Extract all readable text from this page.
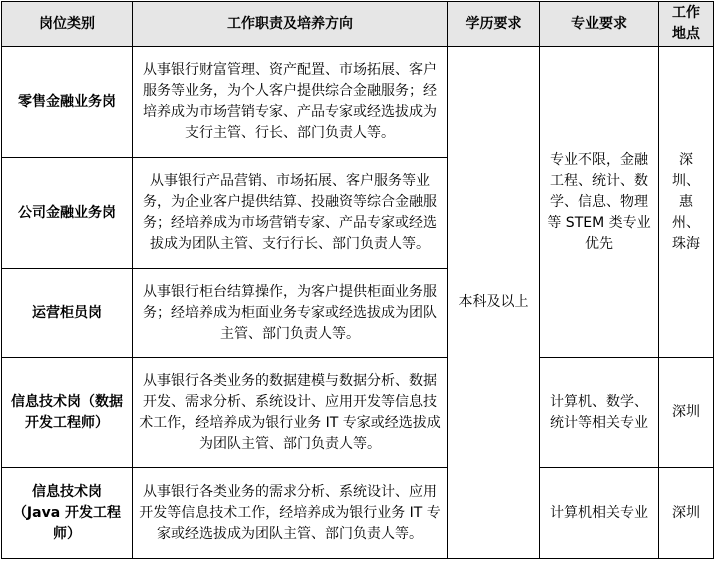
岗位类别	工作职责及培养方向	学历要求	专业要求	工作地点
零售金融业务岗	从事银行财富管理、资产配置、市场拓展、客户服务等业务，为个人客户提供综合金融服务；经培养成为市场营销专家、产品专家或经选拔成为支行主管、行长、部门负责人等。	本科及以上	专业不限，金融工程、统计、数学、信息、物理等 STEM 类专业优先	深圳、惠州、珠海
公司金融业务岗	从事银行产品营销、市场拓展、客户服务等业务，为企业客户提供结算、投融资等综合金融服务；经培养成为市场营销专家、产品专家或经选拔成为团队主管、支行行长、部门负责人等。			
运营柜员岗	从事银行柜台结算操作，为客户提供柜面业务服务；经培养成为柜面业务专家或经选拔成为团队主管、部门负责人等。			
信息技术岗（数据开发工程师）	从事银行各类业务的数据建模与数据分析、数据开发、需求分析、系统设计、应用开发等信息技术工作，经培养成为银行业务 IT 专家或经选拔成为团队主管、部门负责人等。		计算机、数学、统计等相关专业	深圳
信息技术岗（Java 开发工程师）	从事银行各类业务的需求分析、系统设计、应用开发等信息技术工作，经培养成为银行业务 IT 专家或经选拔成为团队主管、部门负责人等。		计算机相关专业	深圳
